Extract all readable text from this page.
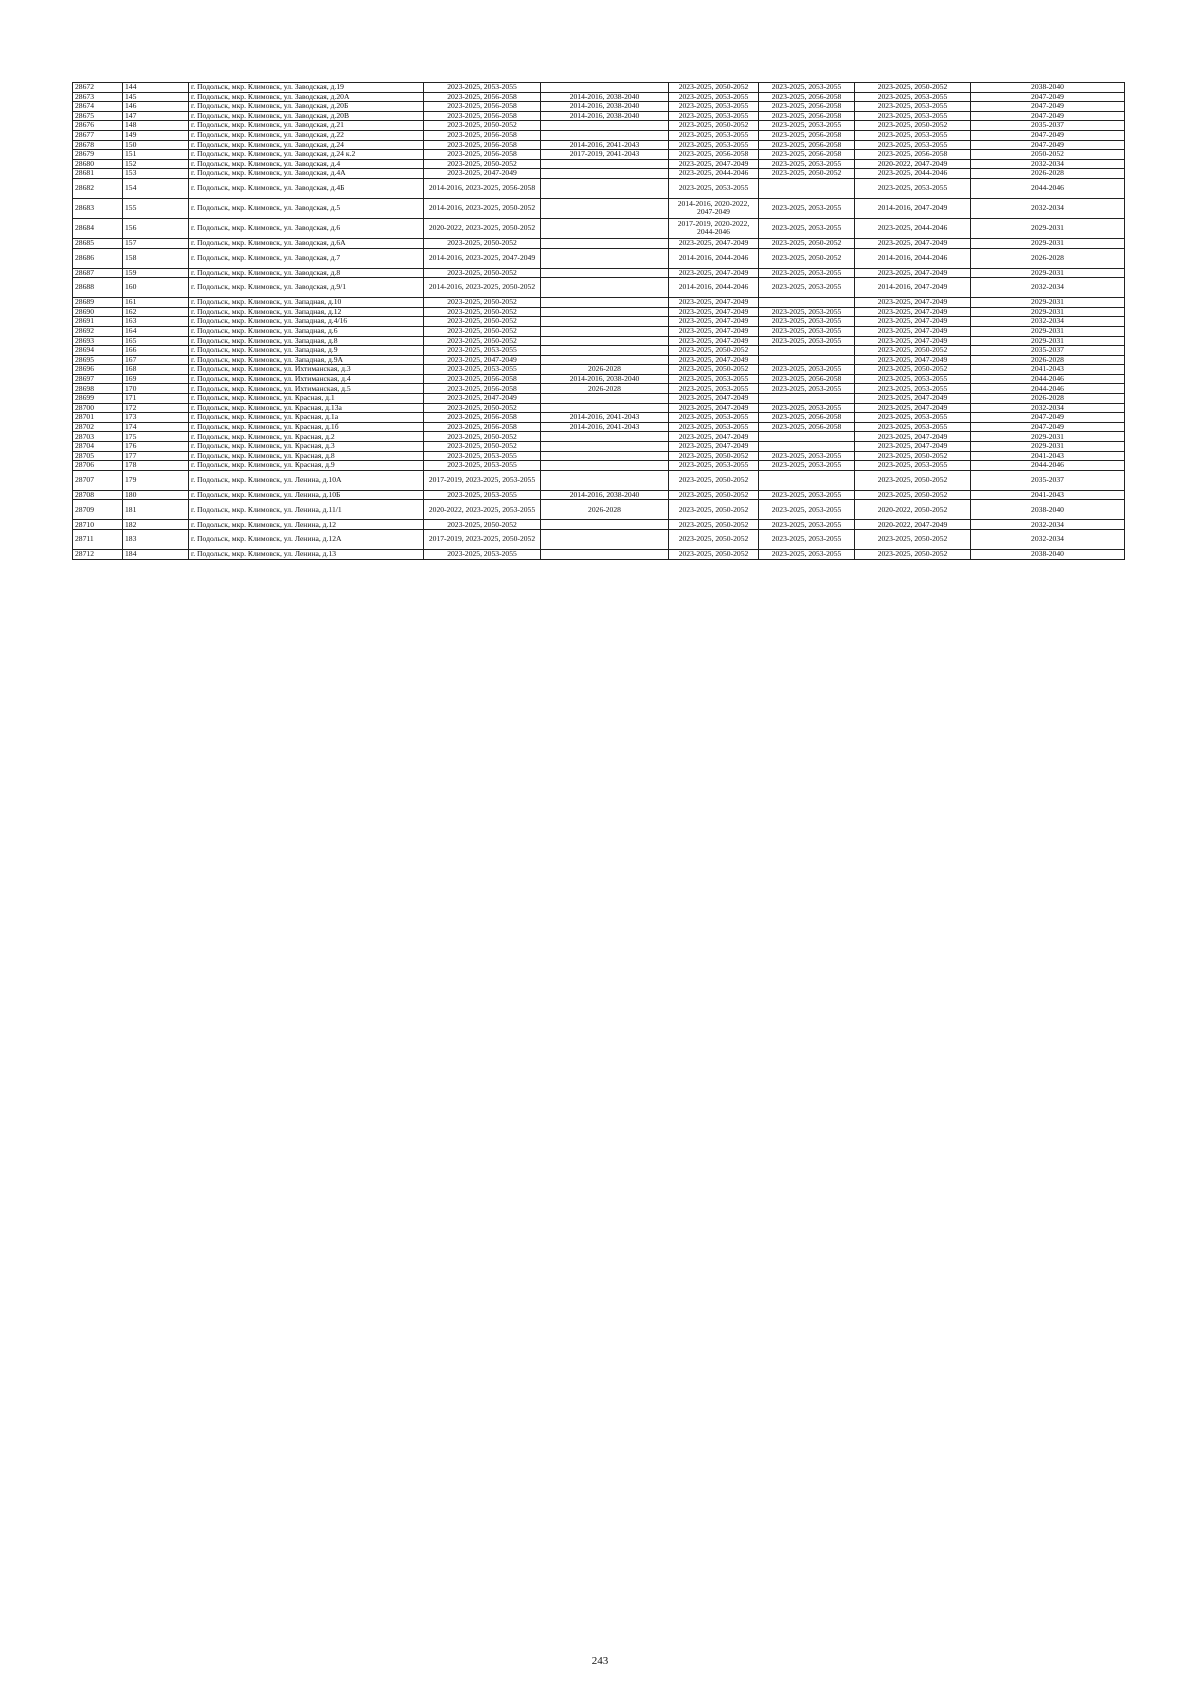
28672	144	г. Подольск, мкр. Климовск, ул. Заводская, д.19	2023-2025, 2053-2055		2023-2025, 2050-2052	2023-2025, 2053-2055	2023-2025, 2050-2052	2038-2040
28673	145	г. Подольск, мкр. Климовск, ул. Заводская, д.20А	2023-2025, 2056-2058	2014-2016, 2038-2040	2023-2025, 2053-2055	2023-2025, 2056-2058	2023-2025, 2053-2055	2047-2049
28674	146	г. Подольск, мкр. Климовск, ул. Заводская, д.20Б	2023-2025, 2056-2058	2014-2016, 2038-2040	2023-2025, 2053-2055	2023-2025, 2056-2058	2023-2025, 2053-2055	2047-2049
28675	147	г. Подольск, мкр. Климовск, ул. Заводская, д.20В	2023-2025, 2056-2058	2014-2016, 2038-2040	2023-2025, 2053-2055	2023-2025, 2056-2058	2023-2025, 2053-2055	2047-2049
28676	148	г. Подольск, мкр. Климовск, ул. Заводская, д.21	2023-2025, 2050-2052		2023-2025, 2050-2052	2023-2025, 2053-2055	2023-2025, 2050-2052	2035-2037
28677	149	г. Подольск, мкр. Климовск, ул. Заводская, д.22	2023-2025, 2056-2058		2023-2025, 2053-2055	2023-2025, 2056-2058	2023-2025, 2053-2055	2047-2049
28678	150	г. Подольск, мкр. Климовск, ул. Заводская, д.24	2023-2025, 2056-2058	2014-2016, 2041-2043	2023-2025, 2053-2055	2023-2025, 2056-2058	2023-2025, 2053-2055	2047-2049
28679	151	г. Подольск, мкр. Климовск, ул. Заводская, д.24 к.2	2023-2025, 2056-2058	2017-2019, 2041-2043	2023-2025, 2056-2058	2023-2025, 2056-2058	2023-2025, 2056-2058	2050-2052
28680	152	г. Подольск, мкр. Климовск, ул. Заводская, д.4	2023-2025, 2050-2052		2023-2025, 2047-2049	2023-2025, 2053-2055	2020-2022, 2047-2049	2032-2034
28681	153	г. Подольск, мкр. Климовск, ул. Заводская, д.4А	2023-2025, 2047-2049		2023-2025, 2044-2046	2023-2025, 2050-2052	2023-2025, 2044-2046	2026-2028
28682	154	г. Подольск, мкр. Климовск, ул. Заводская, д.4Б	2014-2016, 2023-2025, 2056-2058		2023-2025, 2053-2055		2023-2025, 2053-2055	2044-2046
28683	155	г. Подольск, мкр. Климовск, ул. Заводская, д.5	2014-2016, 2023-2025, 2050-2052		2014-2016, 2020-2022, 2047-2049	2023-2025, 2053-2055	2014-2016, 2047-2049	2032-2034
28684	156	г. Подольск, мкр. Климовск, ул. Заводская, д.6	2020-2022, 2023-2025, 2050-2052		2017-2019, 2020-2022, 2044-2046	2023-2025, 2053-2055	2023-2025, 2044-2046	2029-2031
28685	157	г. Подольск, мкр. Климовск, ул. Заводская, д.6А	2023-2025, 2050-2052		2023-2025, 2047-2049	2023-2025, 2050-2052	2023-2025, 2047-2049	2029-2031
28686	158	г. Подольск, мкр. Климовск, ул. Заводская, д.7	2014-2016, 2023-2025, 2047-2049		2014-2016, 2044-2046	2023-2025, 2050-2052	2014-2016, 2044-2046	2026-2028
28687	159	г. Подольск, мкр. Климовск, ул. Заводская, д.8	2023-2025, 2050-2052		2023-2025, 2047-2049	2023-2025, 2053-2055	2023-2025, 2047-2049	2029-2031
28688	160	г. Подольск, мкр. Климовск, ул. Заводская, д.9/1	2014-2016, 2023-2025, 2050-2052		2014-2016, 2044-2046	2023-2025, 2053-2055	2014-2016, 2047-2049	2032-2034
28689	161	г. Подольск, мкр. Климовск, ул. Западная, д.10	2023-2025, 2050-2052		2023-2025, 2047-2049		2023-2025, 2047-2049	2029-2031
28690	162	г. Подольск, мкр. Климовск, ул. Западная, д.12	2023-2025, 2050-2052		2023-2025, 2047-2049	2023-2025, 2053-2055	2023-2025, 2047-2049	2029-2031
28691	163	г. Подольск, мкр. Климовск, ул. Западная, д.4/16	2023-2025, 2050-2052		2023-2025, 2047-2049	2023-2025, 2053-2055	2023-2025, 2047-2049	2032-2034
28692	164	г. Подольск, мкр. Климовск, ул. Западная, д.6	2023-2025, 2050-2052		2023-2025, 2047-2049	2023-2025, 2053-2055	2023-2025, 2047-2049	2029-2031
28693	165	г. Подольск, мкр. Климовск, ул. Западная, д.8	2023-2025, 2050-2052		2023-2025, 2047-2049	2023-2025, 2053-2055	2023-2025, 2047-2049	2029-2031
28694	166	г. Подольск, мкр. Климовск, ул. Западная, д.9	2023-2025, 2053-2055		2023-2025, 2050-2052		2023-2025, 2050-2052	2035-2037
28695	167	г. Подольск, мкр. Климовск, ул. Западная, д.9А	2023-2025, 2047-2049		2023-2025, 2047-2049		2023-2025, 2047-2049	2026-2028
28696	168	г. Подольск, мкр. Климовск, ул. Ихтиманская, д.3	2023-2025, 2053-2055	2026-2028	2023-2025, 2050-2052	2023-2025, 2053-2055	2023-2025, 2050-2052	2041-2043
28697	169	г. Подольск, мкр. Климовск, ул. Ихтиманская, д.4	2023-2025, 2056-2058	2014-2016, 2038-2040	2023-2025, 2053-2055	2023-2025, 2056-2058	2023-2025, 2053-2055	2044-2046
28698	170	г. Подольск, мкр. Климовск, ул. Ихтиманская, д.5	2023-2025, 2056-2058	2026-2028	2023-2025, 2053-2055	2023-2025, 2053-2055	2023-2025, 2053-2055	2044-2046
28699	171	г. Подольск, мкр. Климовск, ул. Красная, д.1	2023-2025, 2047-2049		2023-2025, 2047-2049		2023-2025, 2047-2049	2026-2028
28700	172	г. Подольск, мкр. Климовск, ул. Красная, д.13а	2023-2025, 2050-2052		2023-2025, 2047-2049	2023-2025, 2053-2055	2023-2025, 2047-2049	2032-2034
28701	173	г. Подольск, мкр. Климовск, ул. Красная, д.1а	2023-2025, 2056-2058	2014-2016, 2041-2043	2023-2025, 2053-2055	2023-2025, 2056-2058	2023-2025, 2053-2055	2047-2049
28702	174	г. Подольск, мкр. Климовск, ул. Красная, д.1б	2023-2025, 2056-2058	2014-2016, 2041-2043	2023-2025, 2053-2055	2023-2025, 2056-2058	2023-2025, 2053-2055	2047-2049
28703	175	г. Подольск, мкр. Климовск, ул. Красная, д.2	2023-2025, 2050-2052		2023-2025, 2047-2049		2023-2025, 2047-2049	2029-2031
28704	176	г. Подольск, мкр. Климовск, ул. Красная, д.3	2023-2025, 2050-2052		2023-2025, 2047-2049		2023-2025, 2047-2049	2029-2031
28705	177	г. Подольск, мкр. Климовск, ул. Красная, д.8	2023-2025, 2053-2055		2023-2025, 2050-2052	2023-2025, 2053-2055	2023-2025, 2050-2052	2041-2043
28706	178	г. Подольск, мкр. Климовск, ул. Красная, д.9	2023-2025, 2053-2055		2023-2025, 2053-2055	2023-2025, 2053-2055	2023-2025, 2053-2055	2044-2046
28707	179	г. Подольск, мкр. Климовск, ул. Ленина, д.10А	2017-2019, 2023-2025, 2053-2055		2023-2025, 2050-2052		2023-2025, 2050-2052	2035-2037
28708	180	г. Подольск, мкр. Климовск, ул. Ленина, д.10Б	2023-2025, 2053-2055	2014-2016, 2038-2040	2023-2025, 2050-2052	2023-2025, 2053-2055	2023-2025, 2050-2052	2041-2043
28709	181	г. Подольск, мкр. Климовск, ул. Ленина, д.11/1	2020-2022, 2023-2025, 2053-2055	2026-2028	2023-2025, 2050-2052	2023-2025, 2053-2055	2020-2022, 2050-2052	2038-2040
28710	182	г. Подольск, мкр. Климовск, ул. Ленина, д.12	2023-2025, 2050-2052		2023-2025, 2050-2052	2023-2025, 2053-2055	2020-2022, 2047-2049	2032-2034
28711	183	г. Подольск, мкр. Климовск, ул. Ленина, д.12А	2017-2019, 2023-2025, 2050-2052		2023-2025, 2050-2052	2023-2025, 2053-2055	2023-2025, 2050-2052	2032-2034
28712	184	г. Подольск, мкр. Климовск, ул. Ленина, д.13	2023-2025, 2053-2055		2023-2025, 2050-2052	2023-2025, 2053-2055	2023-2025, 2050-2052	2038-2040
243
